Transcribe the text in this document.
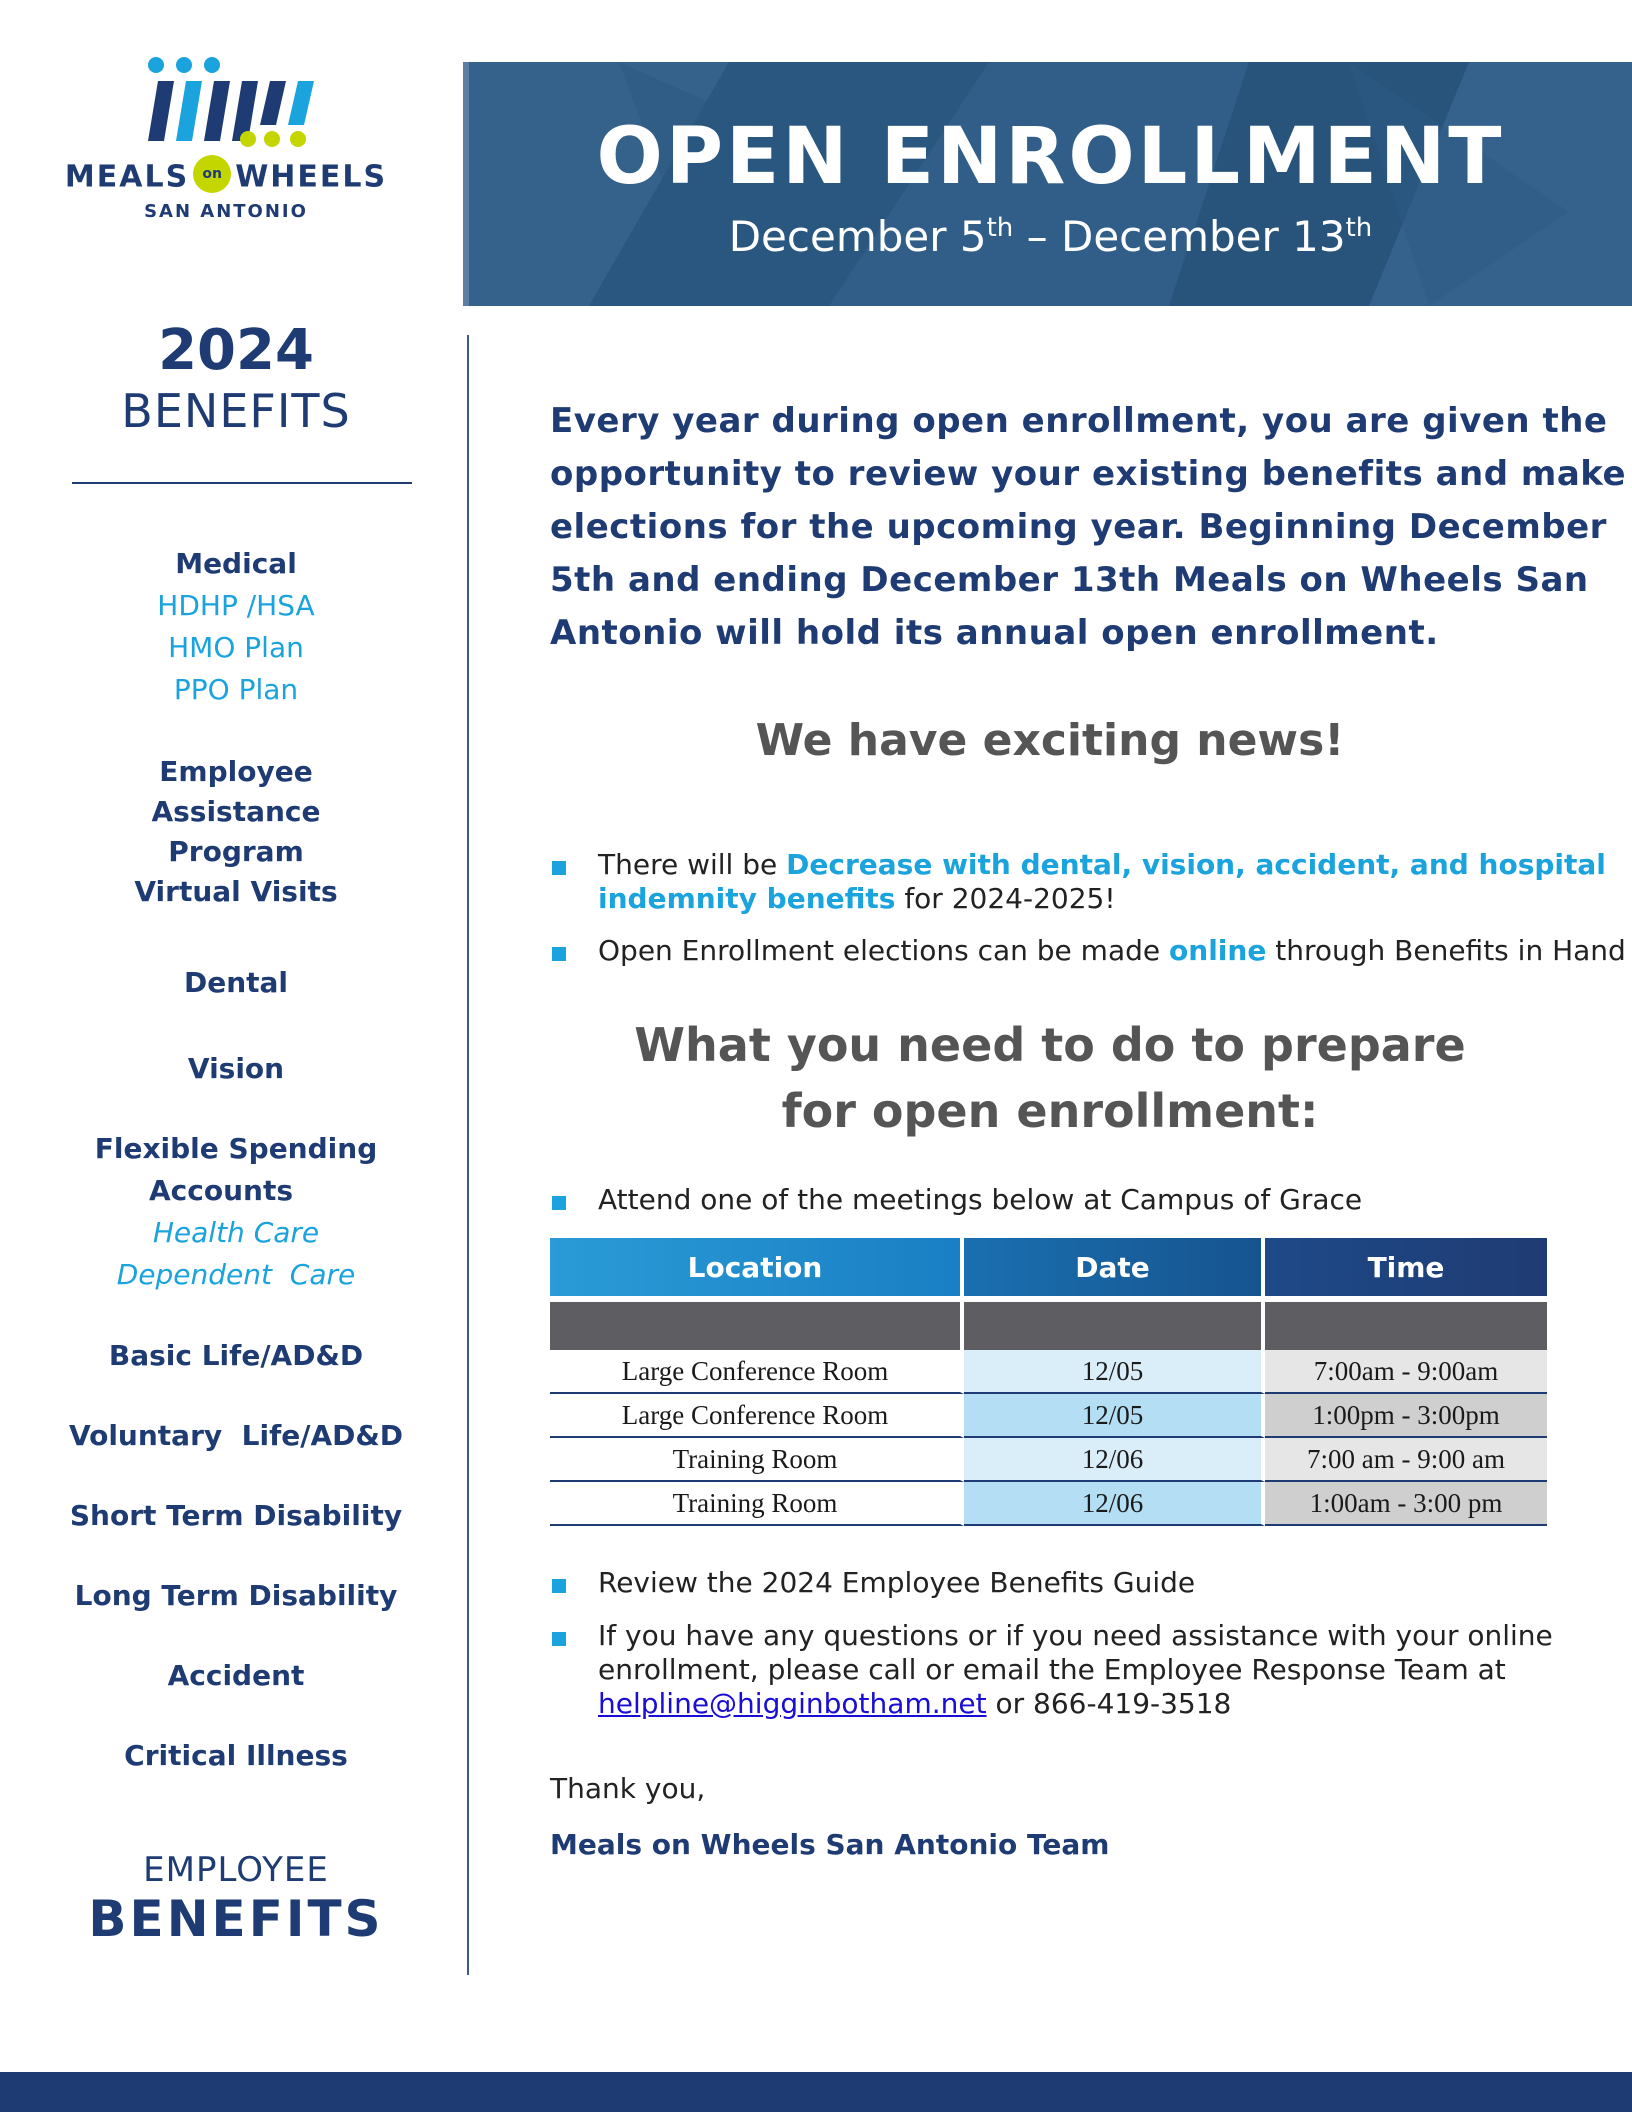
MEALS on WHEELS
SAN ANTONIO
OPEN ENROLLMENT
December 5th – December 13th
2024
BENEFITS
Medical
HDHP /HSA
HMO Plan
PPO Plan
Employee Assistance Program
Virtual Visits
Dental
Vision
Flexible Spending
Accounts
Health Care
Dependent  Care
Basic Life/AD&D
Voluntary  Life/AD&D
Short Term Disability
Long Term Disability
Accident
Critical Illness
EMPLOYEE
BENEFITS
Every year during open enrollment, you are given the opportunity to review your existing benefits and make elections for the upcoming year. Beginning December 5th and ending December 13th Meals on Wheels San Antonio will hold its annual open enrollment.
We have exciting news!
There will be Decrease with dental, vision, accident, and hospital indemnity benefits for 2024-2025!
Open Enrollment elections can be made online through Benefits in Hand
What you need to do to prepare
for open enrollment:
Attend one of the meetings below at Campus of Grace
Location	Date	Time

Large Conference Room	12/05	7:00am - 9:00am
Large Conference Room	12/05	1:00pm - 3:00pm
Training Room	12/06	7:00 am - 9:00 am
Training Room	12/06	1:00am - 3:00 pm
Review the 2024 Employee Benefits Guide
If you have any questions or if you need assistance with your online enrollment, please call or email the Employee Response Team at helpline@higginbotham.net or 866-419-3518
Thank you,
Meals on Wheels San Antonio Team
